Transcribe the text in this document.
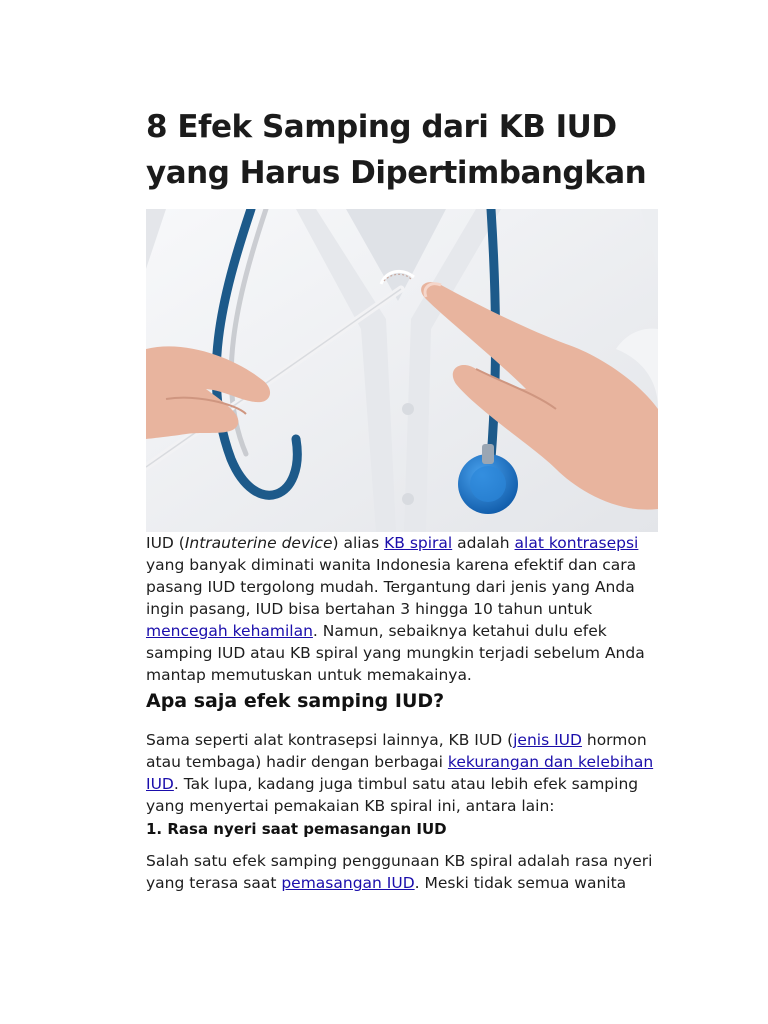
8 Efek Samping dari KB IUD
yang Harus Dipertimbangkan

IUD (Intrauterine device) alias KB spiral adalah alat kontrasepsi
yang banyak diminati wanita Indonesia karena efektif dan cara
pasang IUD tergolong mudah. Tergantung dari jenis yang Anda
ingin pasang, IUD bisa bertahan 3 hingga 10 tahun untuk
mencegah kehamilan. Namun, sebaiknya ketahui dulu efek
samping IUD atau KB spiral yang mungkin terjadi sebelum Anda
mantap memutuskan untuk memakainya.

Apa saja efek samping IUD?

Sama seperti alat kontrasepsi lainnya, KB IUD (jenis IUD hormon
atau tembaga) hadir dengan berbagai kekurangan dan kelebihan
IUD. Tak lupa, kadang juga timbul satu atau lebih efek samping
yang menyertai pemakaian KB spiral ini, antara lain:

1. Rasa nyeri saat pemasangan IUD

Salah satu efek samping penggunaan KB spiral adalah rasa nyeri
yang terasa saat pemasangan IUD. Meski tidak semua wanita
